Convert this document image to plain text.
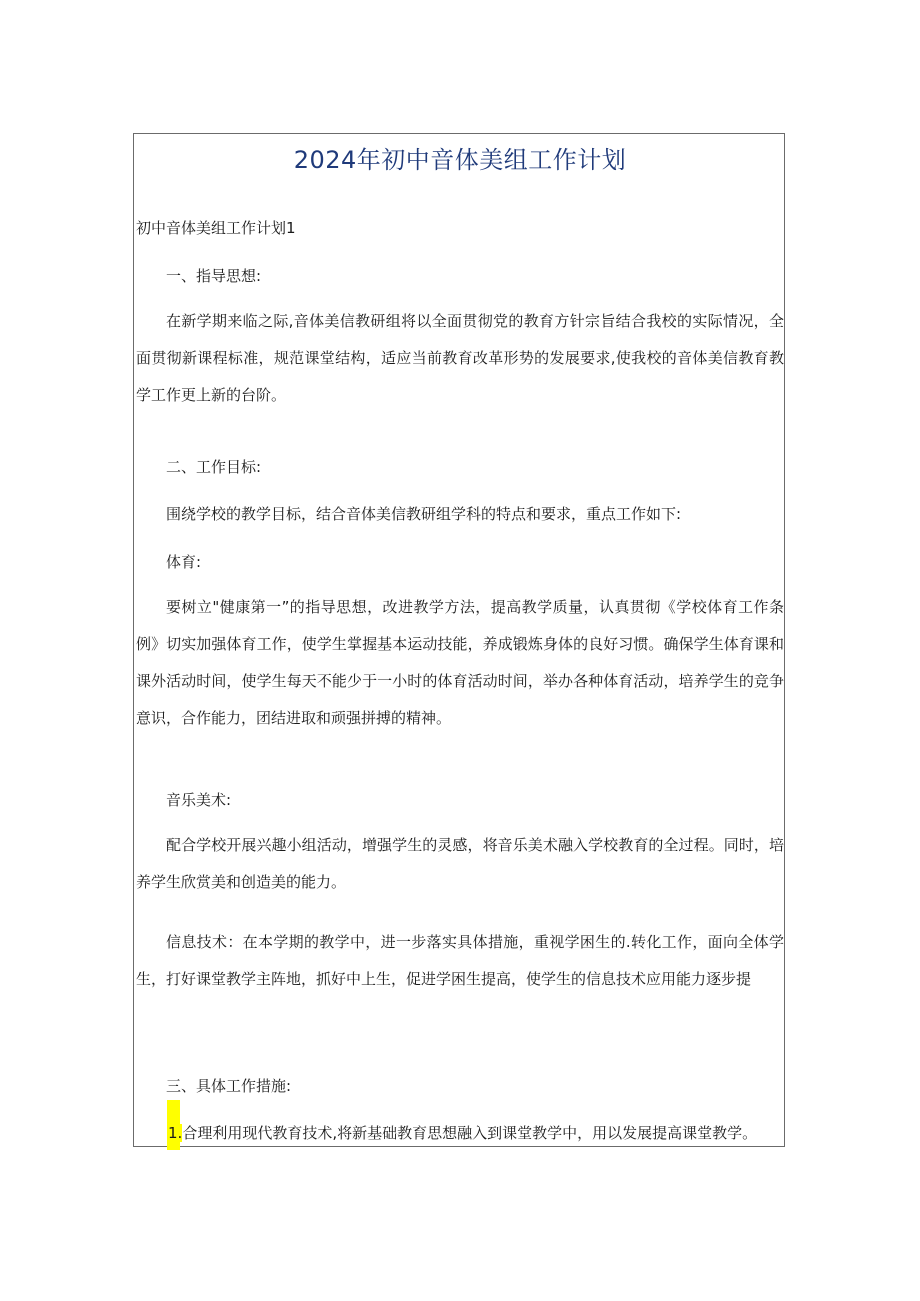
2024年初中音体美组工作计划
初中音体美组工作计划1
一、指导思想:

在新学期来临之际,音体美信教研组将以全面贯彻党的教育方针宗旨结合我校的实际情况，全面贯彻新课程标准，规范课堂结构，适应当前教育改革形势的发展要求,使我校的音体美信教育教学工作更上新的台阶。

二、工作目标:
围绕学校的教学目标，结合音体美信教研组学科的特点和要求，重点工作如下:
体育:

要树立"健康第一”的指导思想，改进教学方法，提高教学质量，认真贯彻《学校体育工作条例》切实加强体育工作，使学生掌握基本运动技能，养成锻炼身体的良好习惯。确保学生体育课和课外活动时间，使学生每天不能少于一小时的体育活动时间，举办各种体育活动，培养学生的竞争意识，合作能力，团结进取和顽强拼搏的精神。

音乐美术:

配合学校开展兴趣小组活动，增强学生的灵感，将音乐美术融入学校教育的全过程。同时，培养学生欣赏美和创造美的能力。

信息技术：在本学期的教学中，进一步落实具体措施，重视学困生的.转化工作，面向全体学生，打好课堂教学主阵地，抓好中上生，促进学困生提高，使学生的信息技术应用能力逐步提

三、具体工作措施:
1.合理利用现代教育技术,将新基础教育思想融入到课堂教学中，用以发展提高课堂教学。
